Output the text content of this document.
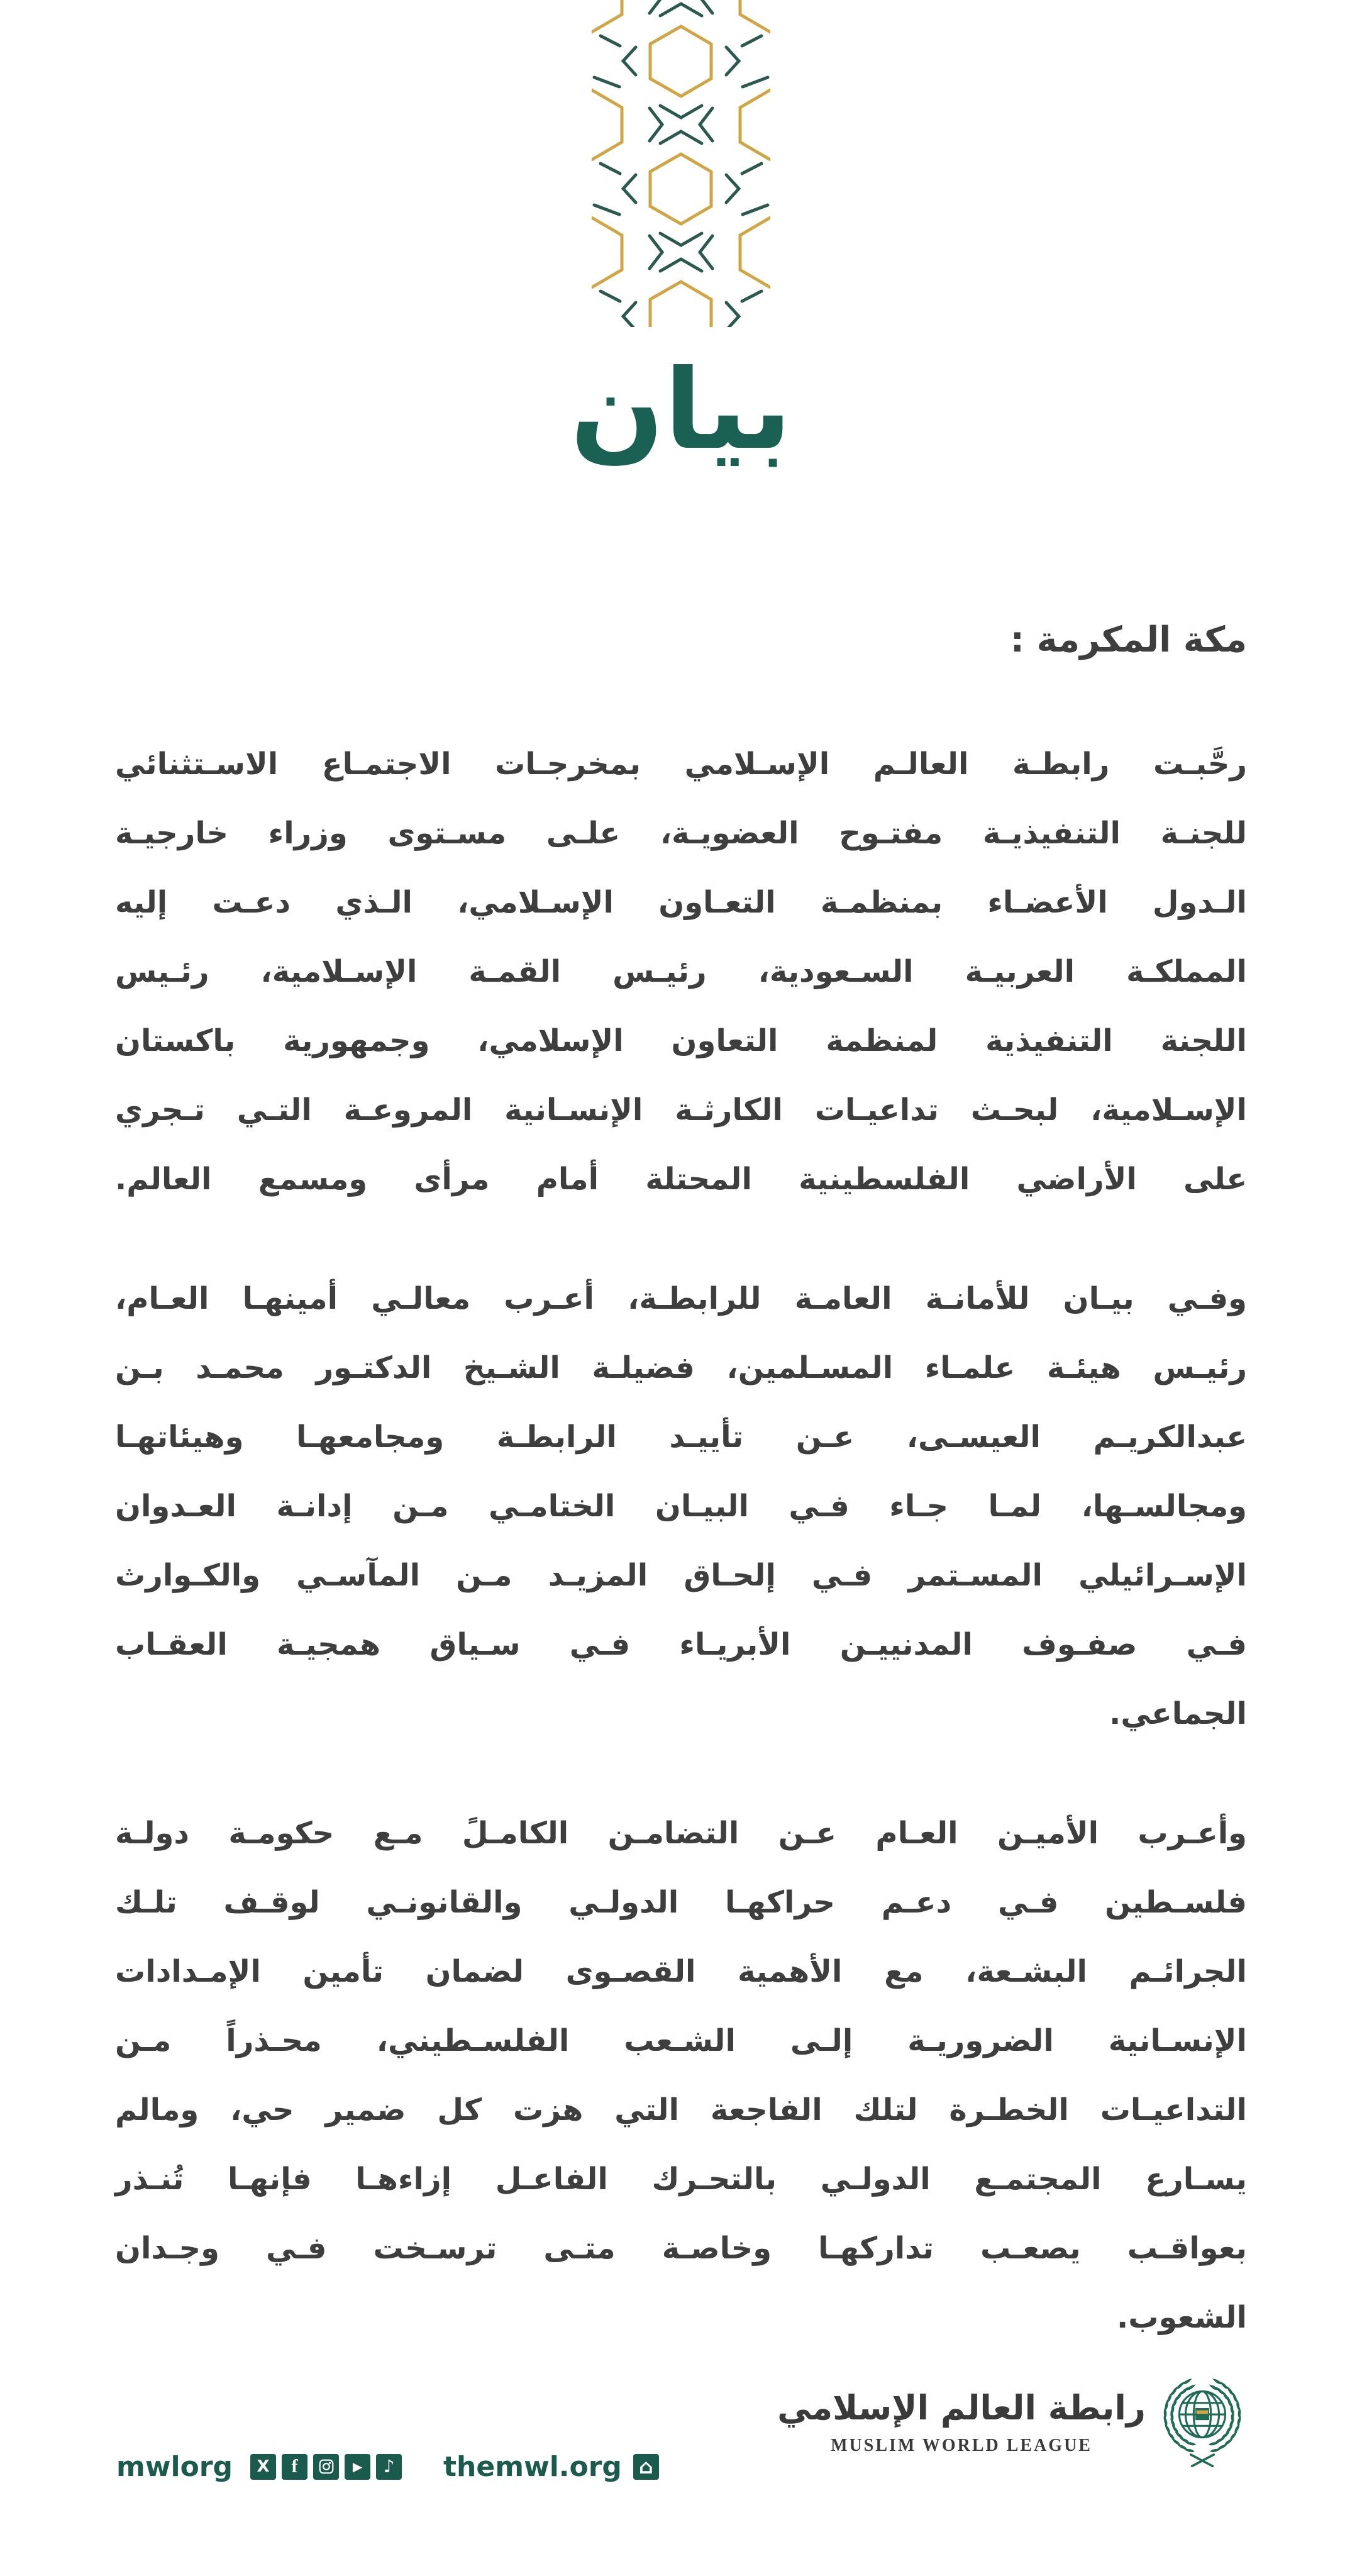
بيان
مكة المكرمة :
رحَّبـت رابطـة العالـم الإسـلامي بمخرجـات الاجتمـاع الاسـتثنائي
للجنـة التنفيذيـة مفتـوح العضويـة، علـى مسـتوى وزراء خارجيـة
الـدول الأعضـاء بمنظمـة التعـاون الإسـلامي، الـذي دعـت إليه
المملكـة العربيـة السـعودية، رئيـس القمـة الإسـلامية، رئـيس
اللجنة التنفيذية لمنظمة التعاون الإسلامي، وجمهورية باكستان
الإسـلامية، لبحـث تداعيـات الكارثـة الإنسـانية المروعـة التـي تـجري
على الأراضي الفلسطينية المحتلة أمام مرأى ومسمع العالم.
وفـي بيـان للأمانـة العامـة للرابطـة، أعـرب معالـي أمينهـا العـام،
رئيـس هيئـة علمـاء المسـلمين، فضيلـة الشـيخ الدكتـور محمـد بـن
عبدالكريـم العيسـى، عـن تأييـد الرابطـة ومجامعهـا وهيئاتهـا
ومجالسـها، لمـا جـاء فـي البيـان الختامـي مـن إدانـة العـدوان
الإسـرائيلي المسـتمر فـي إلحـاق المزيـد مـن المآسـي والكـوارث
فـي صفـوف المدنييـن الأبريـاء فـي سـياق همجيـة العقـاب
الجماعي.
وأعـرب الأميـن العـام عـن التضامـن الكامـلً مـع حكومـة دولـة
فلسـطين فـي دعـم حراكهـا الدولـي والقانونـي لوقـف تلـك
الجرائـم البشـعة، مع الأهمية القصـوى لضمان تأمين الإمـدادات
الإنسـانية الضروريـة إلـى الشـعب الفلسـطيني، محـذراً مـن
التداعيـات الخطـرة لتلك الفاجعة التي هزت كل ضمير حي، ومالم
يسـارع المجتمـع الدولـي بالتحـرك الفاعـل إزاءهـا فإنهـا تُنـذر
بعواقـب يصعـب تداركهـا وخاصـة متـى ترسـخت فـي وجـدان
الشعوب.
mwlorg	X	f	▶	♪ themwl.org ⌂
رابطة العالم الإسلامي
MUSLIM WORLD LEAGUE
